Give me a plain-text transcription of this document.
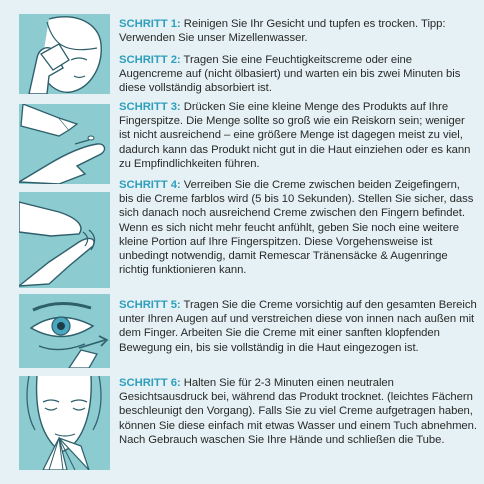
SCHRITT 1: Reinigen Sie Ihr Gesicht und tupfen es trocken. Tipp: Verwenden Sie unser Mizellenwasser.
SCHRITT 2: Tragen Sie eine Feuchtigkeitscreme oder eine Augencreme auf (nicht ölbasiert) und warten ein bis zwei Minuten bis diese vollständig absorbiert ist.
SCHRITT 3: Drücken Sie eine kleine Menge des Produkts auf Ihre Fingerspitze. Die Menge sollte so groß wie ein Reiskorn sein; weniger ist nicht ausreichend – eine größere Menge ist dagegen meist zu viel, dadurch kann das Produkt nicht gut in die Haut einziehen oder es kann zu Empfindlichkeiten führen.
SCHRITT 4: Verreiben Sie die Creme zwischen beiden Zeigefingern, bis die Creme farblos wird (5 bis 10 Sekunden). Stellen Sie sicher, dass sich danach noch ausreichend Creme zwischen den Fingern befindet. Wenn es sich nicht mehr feucht anfühlt, geben Sie noch eine weitere kleine Portion auf Ihre Fingerspitzen. Diese Vorgehensweise ist unbedingt notwendig, damit Remescar Tränensäcke & Augenringe richtig funktionieren kann.
SCHRITT 5: Tragen Sie die Creme vorsichtig auf den gesamten Bereich unter Ihren Augen auf und verstreichen diese von innen nach außen mit dem Finger. Arbeiten Sie die Creme mit einer sanften klopfenden Bewegung ein, bis sie vollständig in die Haut eingezogen ist.
SCHRITT 6: Halten Sie für 2-3 Minuten einen neutralen Gesichtsausdruck bei, während das Produkt trocknet. (leichtes Fächern beschleunigt den Vorgang). Falls Sie zu viel Creme aufgetragen haben, können Sie diese einfach mit etwas Wasser und einem Tuch abnehmen. Nach Gebrauch waschen Sie Ihre Hände und schließen die Tube.
